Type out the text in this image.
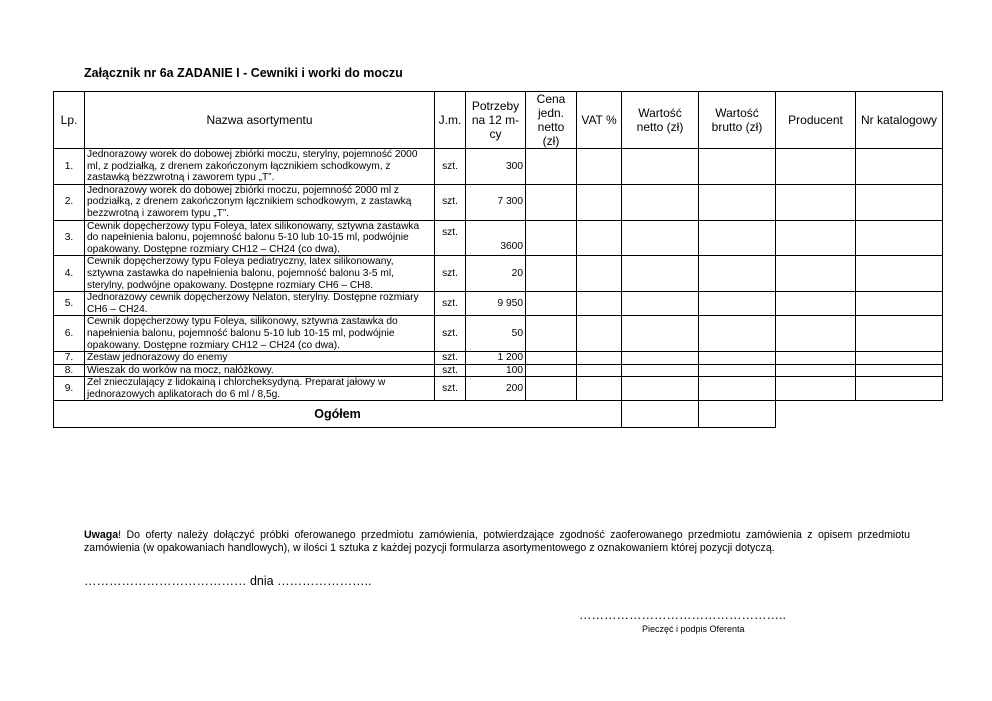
Załącznik nr 6a ZADANIE I - Cewniki i worki do moczu
Lp.	Nazwa asortymentu	J.m.	Potrzeby na 12 m-cy	Cena jedn. netto (zł)	VAT %	Wartość netto (zł)	Wartość brutto (zł)	Producent	Nr katalogowy
1.	Jednorazowy worek do dobowej zbiórki moczu, sterylny, pojemność 2000 ml, z podziałką, z drenem zakończonym łącznikiem schodkowym, z zastawką bezzwrotną i zaworem typu „T”.	szt.	300						
2.	Jednorazowy worek do dobowej zbiórki moczu, pojemność 2000 ml z podziałką, z drenem zakończonym łącznikiem schodkowym, z zastawką bezzwrotną i zaworem typu „T”.	szt.	7 300						
3.	Cewnik dopęcherzowy typu Foleya, latex silikonowany, sztywna zastawka do napełnienia balonu, pojemność balonu 5-10 lub 10-15 ml, podwójnie opakowany. Dostępne rozmiary CH12 – CH24 (co dwa).	szt.	3600						
4.	Cewnik dopęcherzowy typu Foleya pediatryczny, latex silikonowany, sztywna zastawka do napełnienia balonu, pojemność balonu 3-5 ml, sterylny, podwójne opakowany. Dostępne rozmiary CH6 – CH8.	szt.	20						
5.	Jednorazowy cewnik dopęcherzowy Nelaton, sterylny. Dostępne rozmiary CH6 – CH24.	szt.	9 950						
6.	Cewnik dopęcherzowy typu Foleya, silikonowy, sztywna zastawka do napełnienia balonu, pojemność balonu 5-10 lub 10-15 ml, podwójnie opakowany. Dostępne rozmiary CH12 – CH24 (co dwa).	szt.	50						
7.	Zestaw jednorazowy do enemy	szt.	1 200						
8.	Wieszak do worków na mocz, nałóżkowy.	szt.	100						
9.	Żel znieczulający z lidokainą i chlorcheksydyną. Preparat jałowy w jednorazowych aplikatorach do 6 ml / 8,5g.	szt.	200						
Ogółem									
Uwaga! Do oferty należy dołączyć próbki oferowanego przedmiotu zamówienia, potwierdzające zgodność zaoferowanego przedmiotu zamówienia z opisem przedmiotu zamówienia (w opakowaniach handlowych), w ilości 1 sztuka z każdej pozycji formularza asortymentowego z oznakowaniem której pozycji dotyczą.
………………………………… dnia …………………..
…………………………………………..
Pieczęć i podpis Oferenta
